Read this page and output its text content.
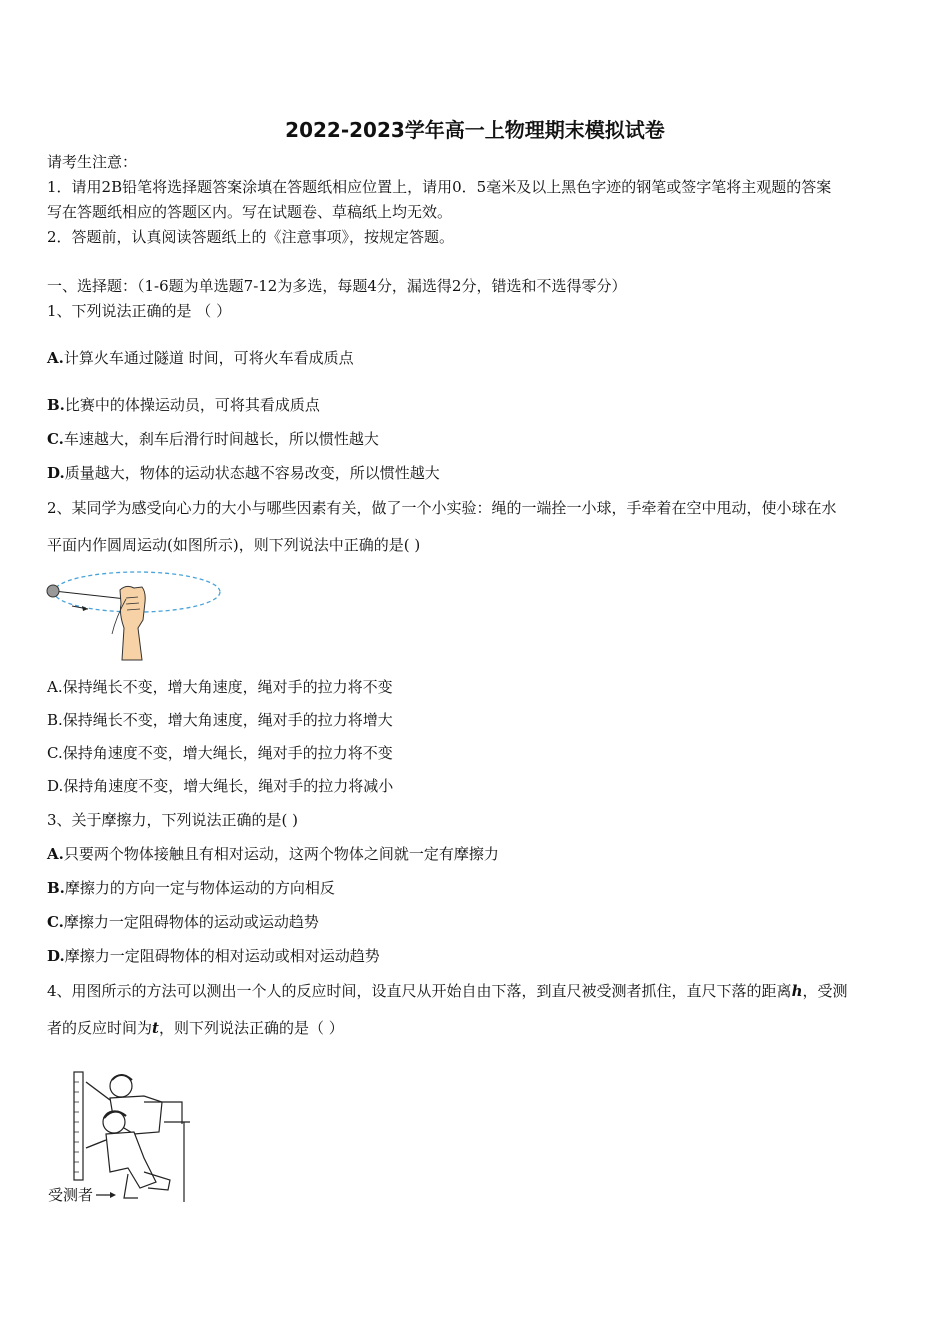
2022-2023学年高一上物理期末模拟试卷
请考生注意：
1．请用2B铅笔将选择题答案涂填在答题纸相应位置上，请用0．5毫米及以上黑色字迹的钢笔或签字笔将主观题的答案
写在答题纸相应的答题区内。写在试题卷、草稿纸上均无效。
2．答题前，认真阅读答题纸上的《注意事项》，按规定答题。
一、选择题：（1-6题为单选题7-12为多选，每题4分，漏选得2分，错选和不选得零分）
1、下列说法正确的是 （ ）
A.计算火车通过隧道 时间，可将火车看成质点
B.比赛中的体操运动员，可将其看成质点
C.车速越大，刹车后滑行时间越长，所以惯性越大
D.质量越大，物体的运动状态越不容易改变，所以惯性越大
2、某同学为感受向心力的大小与哪些因素有关，做了一个小实验：绳的一端拴一小球，手牵着在空中甩动，使小球在水
平面内作圆周运动(如图所示)，则下列说法中正确的是( )
A.保持绳长不变，增大角速度，绳对手的拉力将不变
B.保持绳长不变，增大角速度，绳对手的拉力将增大
C.保持角速度不变，增大绳长，绳对手的拉力将不变
D.保持角速度不变，增大绳长，绳对手的拉力将减小
3、关于摩擦力，下列说法正确的是( )
A.只要两个物体接触且有相对运动，这两个物体之间就一定有摩擦力
B.摩擦力的方向一定与物体运动的方向相反
C.摩擦力一定阻碍物体的运动或运动趋势
D.摩擦力一定阻碍物体的相对运动或相对运动趋势
4、用图所示的方法可以测出一个人的反应时间，设直尺从开始自由下落，到直尺被受测者抓住，直尺下落的距离h，受测
者的反应时间为t，则下列说法正确的是（ ）
受测者
